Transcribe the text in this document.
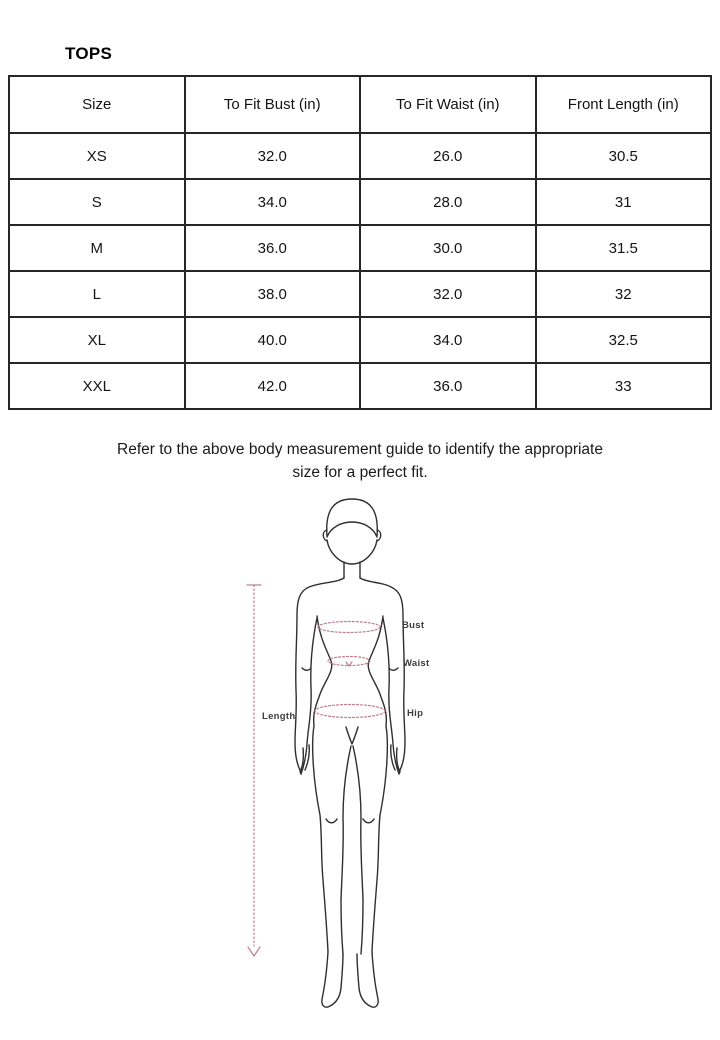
TOPS
Size	To Fit Bust (in)	To Fit Waist (in)	Front Length (in)
XS	32.0	26.0	30.5
S	34.0	28.0	31
M	36.0	30.0	31.5
L	38.0	32.0	32
XL	40.0	34.0	32.5
XXL	42.0	36.0	33
Refer to the above body measurement guide to identify the appropriate
size for a perfect fit.
Bust
Waist
Hip
Length
